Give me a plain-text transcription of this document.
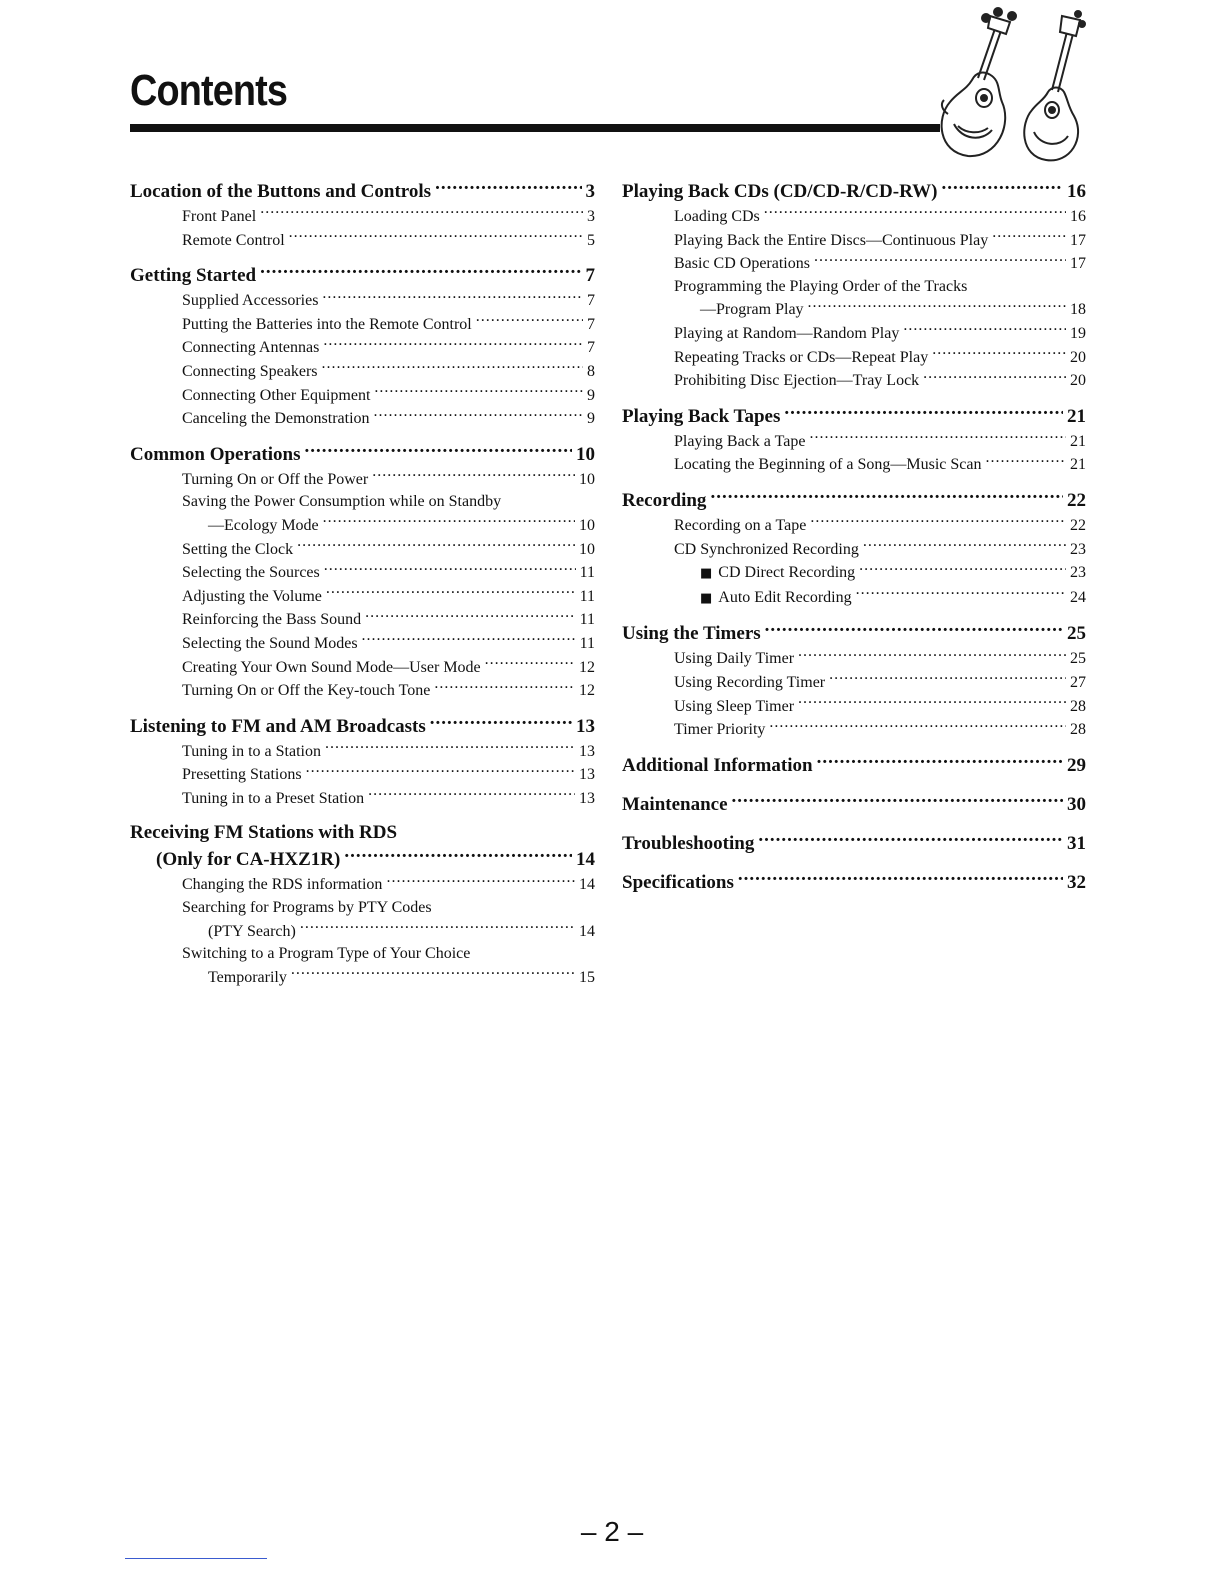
Contents
Location of the Buttons and Controls .....	3
Front Panel .....	3
Remote Control .....	5
Getting Started .....	7
Supplied Accessories .....	7
Putting the Batteries into the Remote Control .....	7
Connecting Antennas .....	7
Connecting Speakers .....	8
Connecting Other Equipment .....	9
Canceling the Demonstration .....	9
Common Operations .....	10
Turning On or Off the Power .....	10
Saving the Power Consumption while on Standby
—Ecology Mode .....	10
Setting the Clock .....	10
Selecting the Sources .....	11
Adjusting the Volume .....	11
Reinforcing the Bass Sound .....	11
Selecting the Sound Modes .....	11
Creating Your Own Sound Mode—User Mode .....	12
Turning On or Off the Key-touch Tone .....	12
Listening to FM and AM Broadcasts .....	13
Tuning in to a Station .....	13
Presetting Stations .....	13
Tuning in to a Preset Station .....	13
Receiving FM Stations with RDS
(Only for CA-HXZ1R) .....	14
Changing the RDS information .....	14
Searching for Programs by PTY Codes
(PTY Search) .....	14
Switching to a Program Type of Your Choice
Temporarily .....	15
Playing Back CDs (CD/CD-R/CD-RW) .....	16
Loading CDs .....	16
Playing Back the Entire Discs—Continuous Play .....	17
Basic CD Operations .....	17
Programming the Playing Order of the Tracks
—Program Play .....	18
Playing at Random—Random Play .....	19
Repeating Tracks or CDs—Repeat Play .....	20
Prohibiting Disc Ejection—Tray Lock .....	20
Playing Back Tapes .....	21
Playing Back a Tape .....	21
Locating the Beginning of a Song—Music Scan .....	21
Recording .....	22
Recording on a Tape .....	22
CD Synchronized Recording .....	23
■ CD Direct Recording .....	23
■ Auto Edit Recording .....	24
Using the Timers .....	25
Using Daily Timer .....	25
Using Recording Timer .....	27
Using Sleep Timer .....	28
Timer Priority .....	28
Additional Information .....	29
Maintenance .....	30
Troubleshooting .....	31
Specifications .....	32
– 2 –
